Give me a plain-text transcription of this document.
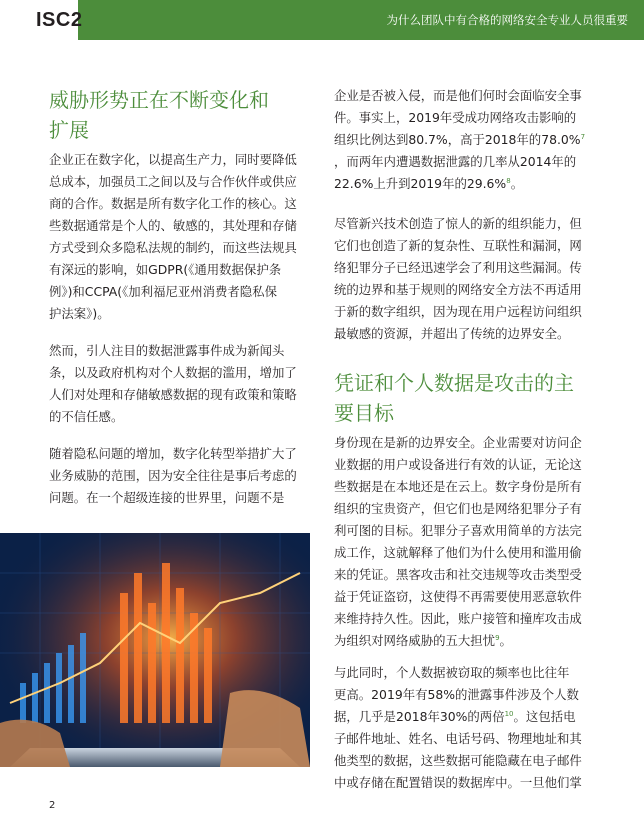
ISC2	为什么团队中有合格的网络安全专业人员很重要
威胁形势正在不断变化和
扩展

企业正在数字化，以提高生产力，同时要降低
总成本，加强员工之间以及与合作伙伴或供应
商的合作。数据是所有数字化工作的核心。这
些数据通常是个人的、敏感的，其处理和存储
方式受到众多隐私法规的制约，而这些法规具
有深远的影响，如GDPR(《通用数据保护条
例》)和CCPA(《加利福尼亚州消费者隐私保
护法案》)。

然而，引人注目的数据泄露事件成为新闻头
条，以及政府机构对个人数据的滥用，增加了
人们对处理和存储敏感数据的现有政策和策略
的不信任感。

随着隐私问题的增加，数字化转型举措扩大了
业务威胁的范围，因为安全往往是事后考虑的
问题。在一个超级连接的世界里，问题不是

企业是否被入侵，而是他们何时会面临安全事
件。事实上，2019年受成功网络攻击影响的
组织比例达到80.7%，高于2018年的78.0%$^7$
，而两年内遭遇数据泄露的几率从2014年的
22.6%上升到2019年的29.6%$^8$。

尽管新兴技术创造了惊人的新的组织能力，但
它们也创造了新的复杂性、互联性和漏洞，网
络犯罪分子已经迅速学会了利用这些漏洞。传
统的边界和基于规则的网络安全方法不再适用
于新的数字组织，因为现在用户远程访问组织
最敏感的资源，并超出了传统的边界安全。

凭证和个人数据是攻击的主
要目标

身份现在是新的边界安全。企业需要对访问企
业数据的用户或设备进行有效的认证，无论这
些数据是在本地还是在云上。数字身份是所有
组织的宝贵资产，但它们也是网络犯罪分子有
利可图的目标。犯罪分子喜欢用简单的方法完
成工作，这就解释了他们为什么使用和滥用偷
来的凭证。黑客攻击和社交违规等攻击类型受
益于凭证盗窃，这使得不再需要使用恶意软件
来维持持久性。因此，账户接管和撞库攻击成
为组织对网络威胁的五大担忧$^9$。

与此同时，个人数据被窃取的频率也比往年
更高。2019年有58%的泄露事件涉及个人数
据，几乎是2018年30%的两倍$^{10}$。这包括电
子邮件地址、姓名、电话号码、物理地址和其
他类型的数据，这些数据可能隐藏在电子邮件
中或存储在配置错误的数据库中。一旦他们掌

2
